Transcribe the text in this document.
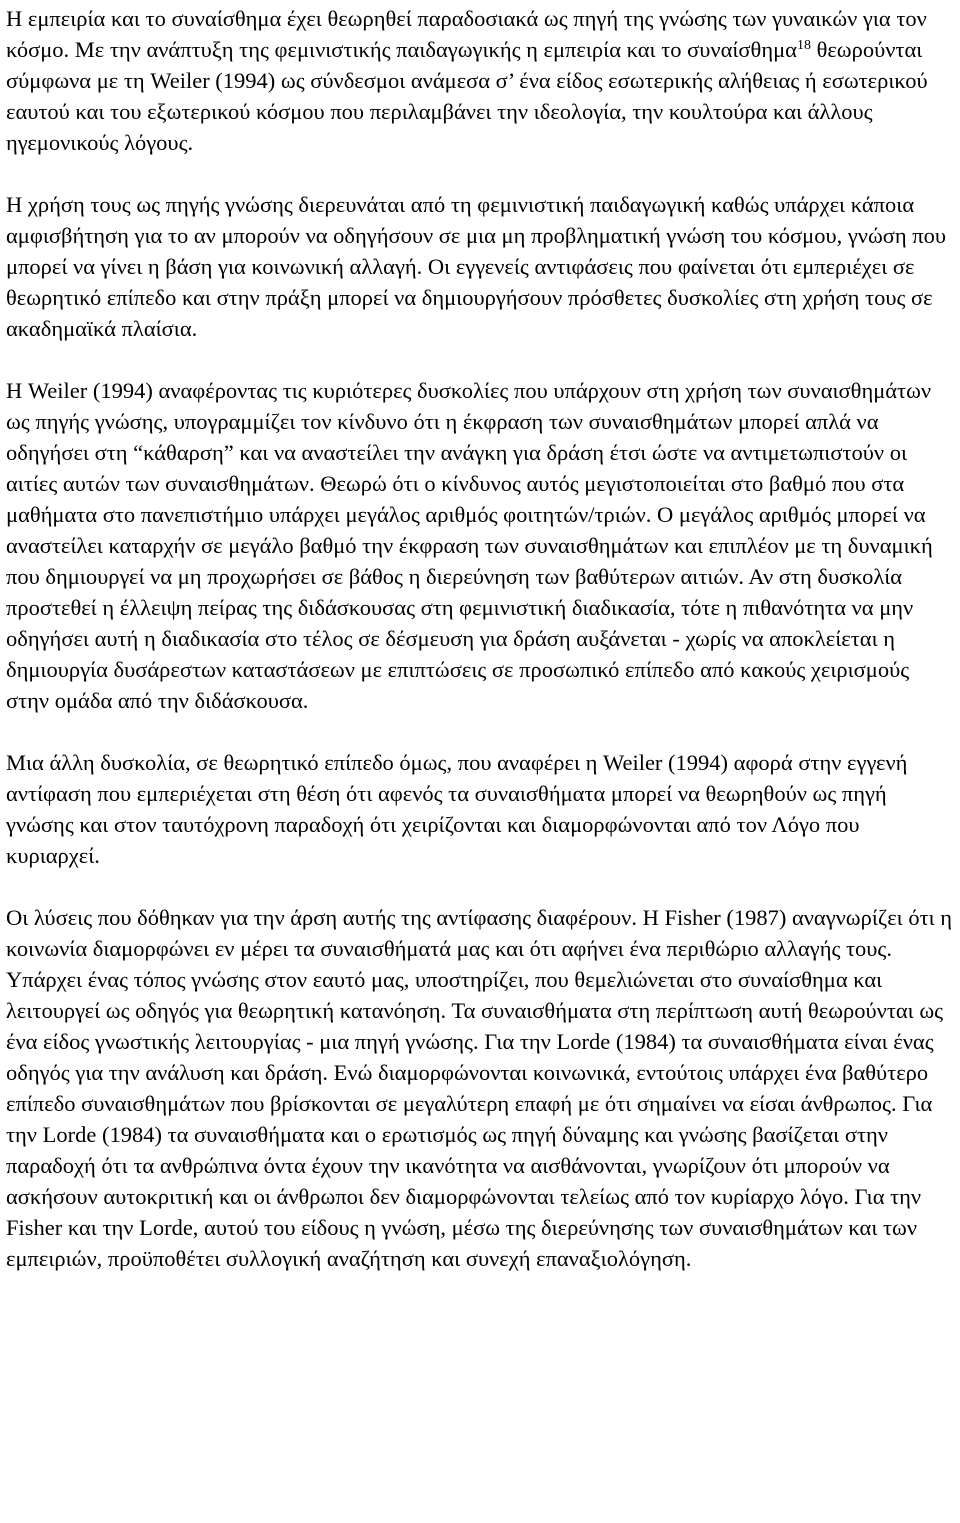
Η εμπειρία και το συναίσθημα έχει θεωρηθεί παραδοσιακά ως πηγή της γνώσης των γυναικών για τον κόσμο. Με την ανάπτυξη της φεμινιστικής παιδαγωγικής η εμπειρία και το συναίσθημα$^{18}$ θεωρούνται σύμφωνα με τη Weiler (1994) ως σύνδεσμοι ανάμεσα σ’ ένα είδος εσωτερικής αλήθειας ή εσωτερικού εαυτού και του εξωτερικού κόσμου που περιλαμβάνει την ιδεολογία, την κουλτούρα και άλλους ηγεμονικούς λόγους.

Η χρήση τους ως πηγής γνώσης διερευνάται από τη φεμινιστική παιδαγωγική καθώς υπάρχει κάποια αμφισβήτηση για το αν μπορούν να οδηγήσουν σε μια μη προβληματική γνώση του κόσμου, γνώση που μπορεί να γίνει η βάση για κοινωνική αλλαγή. Οι εγγενείς αντιφάσεις που φαίνεται ότι εμπεριέχει σε θεωρητικό επίπεδο και στην πράξη μπορεί να δημιουργήσουν πρόσθετες δυσκολίες στη χρήση τους σε ακαδημαϊκά πλαίσια.

Η Weiler (1994) αναφέροντας τις κυριότερες δυσκολίες που υπάρχουν στη χρήση των συναισθημάτων ως πηγής γνώσης, υπογραμμίζει τον κίνδυνο ότι η έκφραση των συναισθημάτων μπορεί απλά να οδηγήσει στη “κάθαρση” και να αναστείλει την ανάγκη για δράση έτσι ώστε να αντιμετωπιστούν οι αιτίες αυτών των συναισθημάτων. Θεωρώ ότι ο κίνδυνος αυτός μεγιστοποιείται στο βαθμό που στα μαθήματα στο πανεπιστήμιο υπάρχει μεγάλος αριθμός φοιτητών/τριών. Ο μεγάλος αριθμός μπορεί να αναστείλει καταρχήν σε μεγάλο βαθμό την έκφραση των συναισθημάτων και επιπλέον με τη δυναμική που δημιουργεί να μη προχωρήσει σε βάθος η διερεύνηση των βαθύτερων αιτιών. Αν στη δυσκολία προστεθεί η έλλειψη πείρας της διδάσκουσας στη φεμινιστική διαδικασία, τότε η πιθανότητα να μην οδηγήσει αυτή η διαδικασία στο τέλος σε δέσμευση για δράση αυξάνεται - χωρίς να αποκλείεται η δημιουργία δυσάρεστων καταστάσεων με επιπτώσεις σε προσωπικό επίπεδο από κακούς χειρισμούς στην ομάδα από την διδάσκουσα.

Μια άλλη δυσκολία, σε θεωρητικό επίπεδο όμως, που αναφέρει η Weiler (1994) αφορά στην εγγενή αντίφαση που εμπεριέχεται στη θέση ότι αφενός τα συναισθήματα μπορεί να θεωρηθούν ως πηγή γνώσης και στον ταυτόχρονη παραδοχή ότι χειρίζονται και διαμορφώνονται από τον Λόγο που κυριαρχεί.

Οι λύσεις που δόθηκαν για την άρση αυτής της αντίφασης διαφέρουν. Η Fisher (1987) αναγνωρίζει ότι η κοινωνία διαμορφώνει εν μέρει τα συναισθήματά μας και ότι αφήνει ένα περιθώριο αλλαγής τους. Υπάρχει ένας τόπος γνώσης στον εαυτό μας, υποστηρίζει, που θεμελιώνεται στο συναίσθημα και λειτουργεί ως οδηγός για θεωρητική κατανόηση. Τα συναισθήματα στη περίπτωση αυτή θεωρούνται ως ένα είδος γνωστικής λειτουργίας - μια πηγή γνώσης. Για την Lorde (1984) τα συναισθήματα είναι ένας οδηγός για την ανάλυση και δράση. Ενώ διαμορφώνονται κοινωνικά, εντούτοις υπάρχει ένα βαθύτερο επίπεδο συναισθημάτων που βρίσκονται σε μεγαλύτερη επαφή με ότι σημαίνει να είσαι άνθρωπος. Για την Lorde (1984) τα συναισθήματα και ο ερωτισμός ως πηγή δύναμης και γνώσης βασίζεται στην παραδοχή ότι τα ανθρώπινα όντα έχουν την ικανότητα να αισθάνονται, γνωρίζουν ότι μπορούν να ασκήσουν αυτοκριτική και οι άνθρωποι δεν διαμορφώνονται τελείως από τον κυρίαρχο λόγο. Για την Fisher και την Lorde, αυτού του είδους η γνώση, μέσω της διερεύνησης των συναισθημάτων και των εμπειριών, προϋποθέτει συλλογική αναζήτηση και συνεχή επαναξιολόγηση.
